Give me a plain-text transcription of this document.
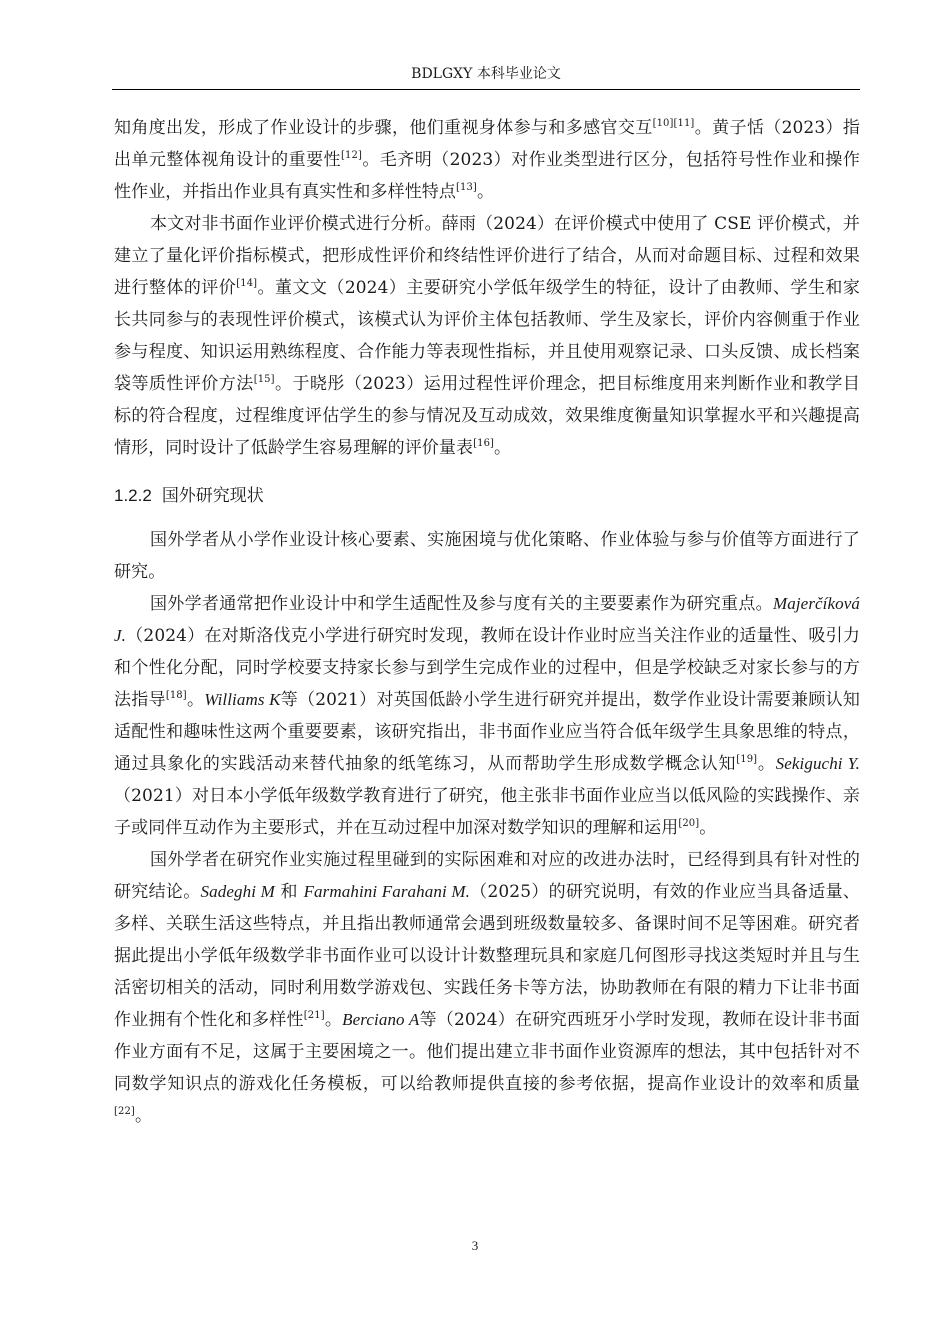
BDLGXY 本科毕业论文

知角度出发，形成了作业设计的步骤，他们重视身体参与和多感官交互[10][11]。黄子恬（2023）指出单元整体视角设计的重要性[12]。毛齐明（2023）对作业类型进行区分，包括符号性作业和操作性作业，并指出作业具有真实性和多样性特点[13]。

本文对非书面作业评价模式进行分析。薛雨（2024）在评价模式中使用了 CSE 评价模式，并建立了量化评价指标模式，把形成性评价和终结性评价进行了结合，从而对命题目标、过程和效果进行整体的评价[14]。董文文（2024）主要研究小学低年级学生的特征，设计了由教师、学生和家长共同参与的表现性评价模式，该模式认为评价主体包括教师、学生及家长，评价内容侧重于作业参与程度、知识运用熟练程度、合作能力等表现性指标，并且使用观察记录、口头反馈、成长档案袋等质性评价方法[15]。于晓彤（2023）运用过程性评价理念，把目标维度用来判断作业和教学目标的符合程度，过程维度评估学生的参与情况及互动成效，效果维度衡量知识掌握水平和兴趣提高情形，同时设计了低龄学生容易理解的评价量表[16]。

1.2.2 国外研究现状

国外学者从小学作业设计核心要素、实施困境与优化策略、作业体验与参与价值等方面进行了研究。

国外学者通常把作业设计中和学生适配性及参与度有关的主要要素作为研究重点。Majerčíková J.（2024）在对斯洛伐克小学进行研究时发现，教师在设计作业时应当关注作业的适量性、吸引力和个性化分配，同时学校要支持家长参与到学生完成作业的过程中，但是学校缺乏对家长参与的方法指导[18]。Williams K等（2021）对英国低龄小学生进行研究并提出，数学作业设计需要兼顾认知适配性和趣味性这两个重要要素，该研究指出，非书面作业应当符合低年级学生具象思维的特点，通过具象化的实践活动来替代抽象的纸笔练习，从而帮助学生形成数学概念认知[19]。Sekiguchi Y.（2021）对日本小学低年级数学教育进行了研究，他主张非书面作业应当以低风险的实践操作、亲子或同伴互动作为主要形式，并在互动过程中加深对数学知识的理解和运用[20]。

国外学者在研究作业实施过程里碰到的实际困难和对应的改进办法时，已经得到具有针对性的研究结论。Sadeghi M 和 Farmahini Farahani M.（2025）的研究说明，有效的作业应当具备适量、多样、关联生活这些特点，并且指出教师通常会遇到班级数量较多、备课时间不足等困难。研究者据此提出小学低年级数学非书面作业可以设计计数整理玩具和家庭几何图形寻找这类短时并且与生活密切相关的活动，同时利用数学游戏包、实践任务卡等方法，协助教师在有限的精力下让非书面作业拥有个性化和多样性[21]。Berciano A等（2024）在研究西班牙小学时发现，教师在设计非书面作业方面有不足，这属于主要困境之一。他们提出建立非书面作业资源库的想法，其中包括针对不同数学知识点的游戏化任务模板，可以给教师提供直接的参考依据，提高作业设计的效率和质量[22]。

3
